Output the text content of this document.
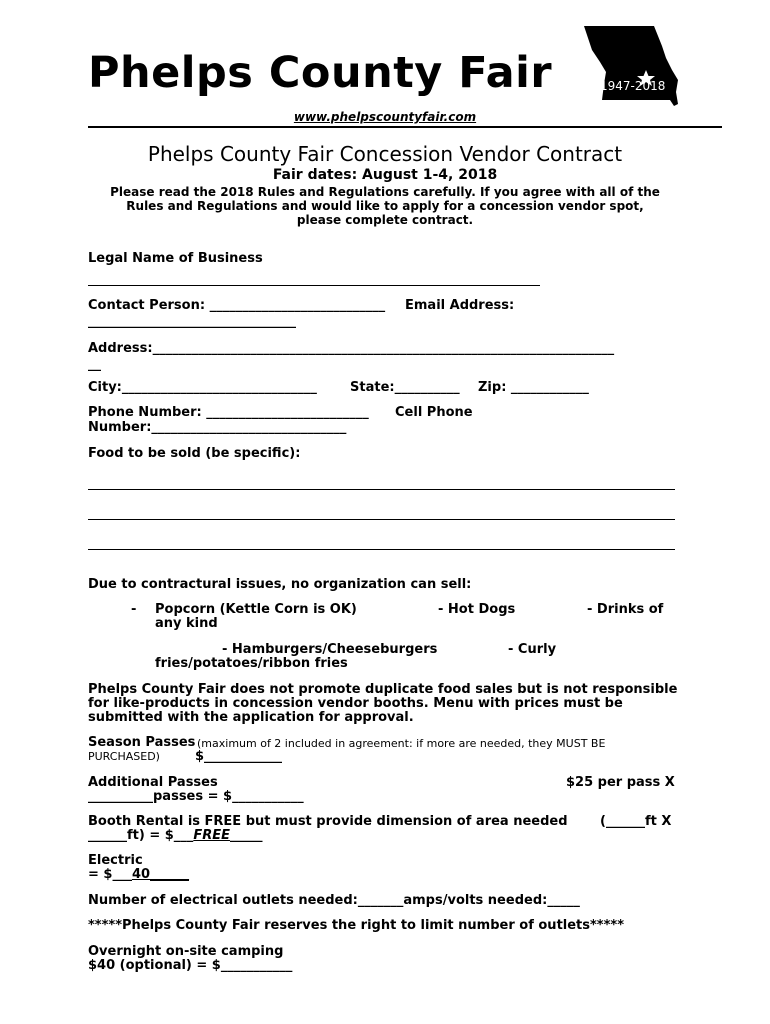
Phelps County Fair	1947-2018
www.phelpscountyfair.com
Phelps County Fair Concession Vendor Contract
Fair dates: August 1-4, 2018
Please read the 2018 Rules and Regulations carefully. If you agree with all of the
Rules and Regulations and would like to apply for a concession vendor spot,
please complete contract.
Legal Name of Business
Contact Person: ___________________________ Email Address:
________________________________
Address:_______________________________________________________________________
__
City:______________________________	State:__________ Zip: ____________
Phone Number: _________________________ Cell Phone
Number:______________________________
Food to be sold (be specific):
Due to contractural issues, no organization can sell:
- Popcorn (Kettle Corn is OK)	- Hot Dogs	- Drinks of
any kind
- Hamburgers/Cheeseburgers	- Curly
fries/potatoes/ribbon fries
Phelps County Fair does not promote duplicate food sales but is not responsible
for like-products in concession vendor booths. Menu with prices must be
submitted with the application for approval.
Season Passes (maximum of 2 included in agreement: if more are needed, they MUST BE
PURCHASED)	$____________
Additional Passes	$25 per pass X
__________passes = $___________
Booth Rental is FREE but must provide dimension of area needed (______ft X
______ft) = $___FREE_____
Electric
= $___40______
Number of electrical outlets needed:_______amps/volts needed:_____
*****Phelps County Fair reserves the right to limit number of outlets*****
Overnight on-site camping
$40 (optional) = $___________
